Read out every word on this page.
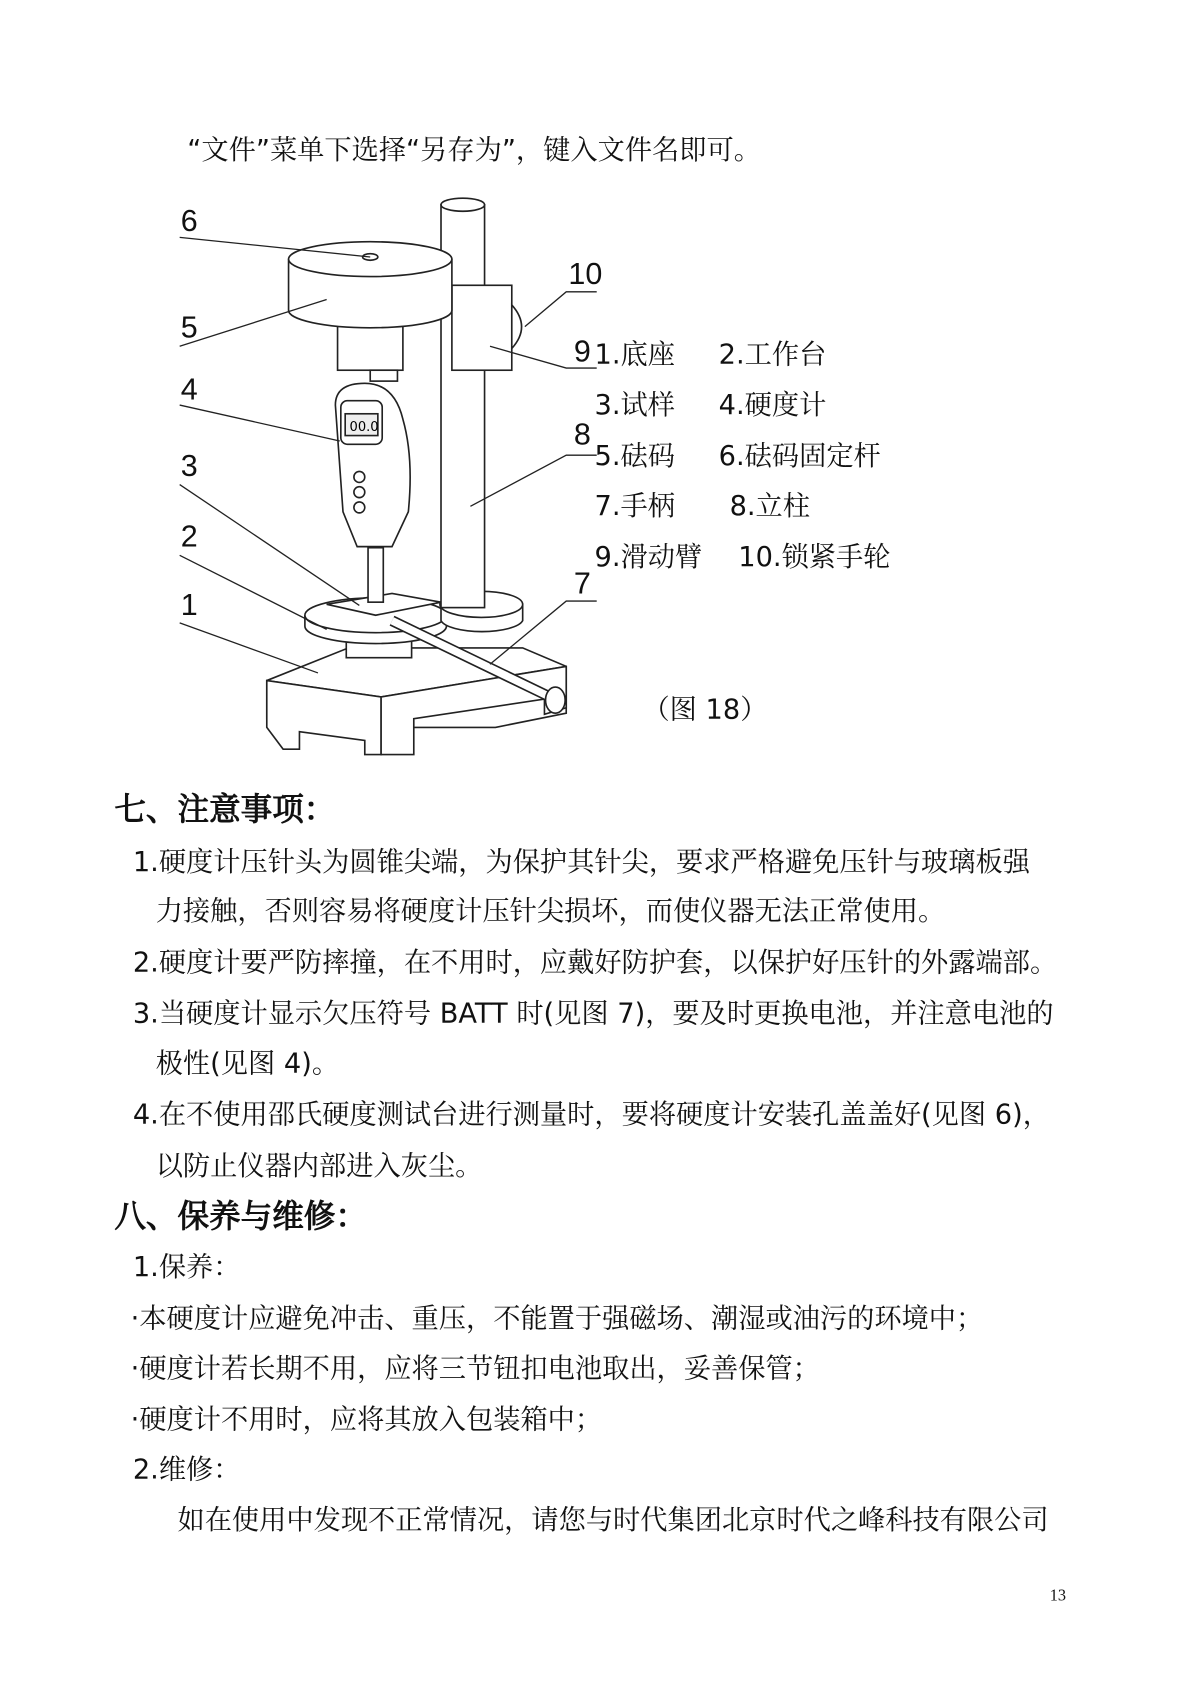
“文件”菜单下选择“另存为”，键入文件名即可。
00.0
6
5
4
3
2
1
10
9
8
7
1.底座 2.工作台
3.试样 4.硬度计
5.砝码 6.砝码固定杆
7.手柄 8.立柱
9.滑动臂 10.锁紧手轮
（图 18）
七、注意事项：
1.硬度计压针头为圆锥尖端，为保护其针尖，要求严格避免压针与玻璃板强
力接触，否则容易将硬度计压针尖损坏，而使仪器无法正常使用。
2.硬度计要严防摔撞，在不用时，应戴好防护套，以保护好压针的外露端部。
3.当硬度计显示欠压符号 BATT 时(见图 7)，要及时更换电池，并注意电池的
极性(见图 4)。
4.在不使用邵氏硬度测试台进行测量时，要将硬度计安装孔盖盖好(见图 6)，
以防止仪器内部进入灰尘。
八、保养与维修：
1.保养：
·本硬度计应避免冲击、重压，不能置于强磁场、潮湿或油污的环境中；
·硬度计若长期不用，应将三节钮扣电池取出，妥善保管；
·硬度计不用时，应将其放入包装箱中；
2.维修：
如在使用中发现不正常情况，请您与时代集团北京时代之峰科技有限公司
13
